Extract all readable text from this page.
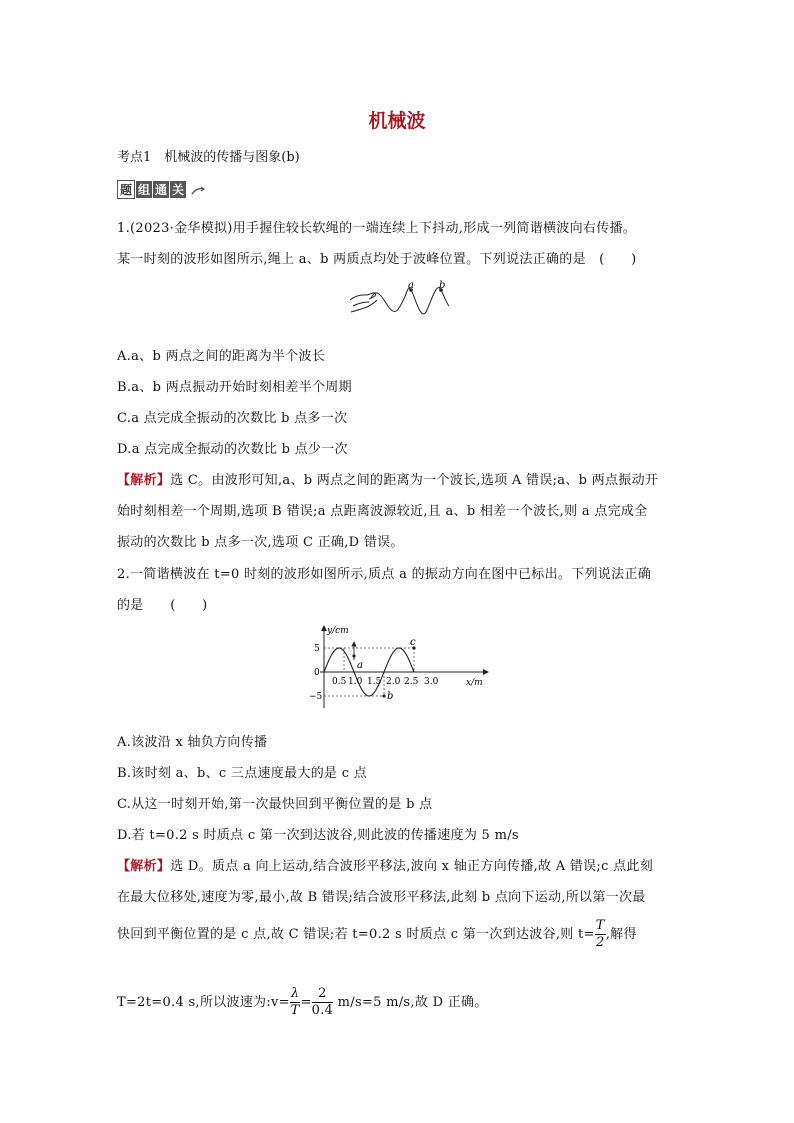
机械波
考点1　机械波的传播与图象(b)
题 组 通 关
1.(2023·金华模拟)用手握住较长软绳的一端连续上下抖动,形成一列简谐横波向右传播。
某一时刻的波形如图所示,绳上 a、b 两质点均处于波峰位置。下列说法正确的是　(　　)
a	b
A.a、b 两点之间的距离为半个波长
B.a、b 两点振动开始时刻相差半个周期
C.a 点完成全振动的次数比 b 点多一次
D.a 点完成全振动的次数比 b 点少一次
【解析】选 C。由波形可知,a、b 两点之间的距离为一个波长,选项 A 错误;a、b 两点振动开
始时刻相差一个周期,选项 B 错误;a 点距离波源较近,且 a、b 相差一个波长,则 a 点完成全
振动的次数比 b 点多一次,选项 C 正确,D 错误。
2.一简谐横波在 t=0 时刻的波形如图所示,质点 a 的振动方向在图中已标出。下列说法正确
的是　　(　　)
a
b
c
y/cm
x/m
0
5
−5
0.5 1.0 1.5 2.0 2.5 3.0
A.该波沿 x 轴负方向传播
B.该时刻 a、b、c 三点速度最大的是 c 点
C.从这一时刻开始,第一次最快回到平衡位置的是 b 点
D.若 t=0.2 s 时质点 c 第一次到达波谷,则此波的传播速度为 5 m/s
【解析】选 D。质点 a 向上运动,结合波形平移法,波向 x 轴正方向传播,故 A 错误;c 点此刻
在最大位移处,速度为零,最小,故 B 错误;结合波形平移法,此刻 b 点向下运动,所以第一次最
快回到平衡位置的是 c 点,故 C 错误;若 t=0.2 s 时质点 c 第一次到达波谷,则 $t= \frac{T}{2}$ ,解得
T=2t=0.4 s,所以波速为:v= $\frac{\lambda}{T} = \frac{2}{0.4} m/s=5$ m/s,故 D 正确。
